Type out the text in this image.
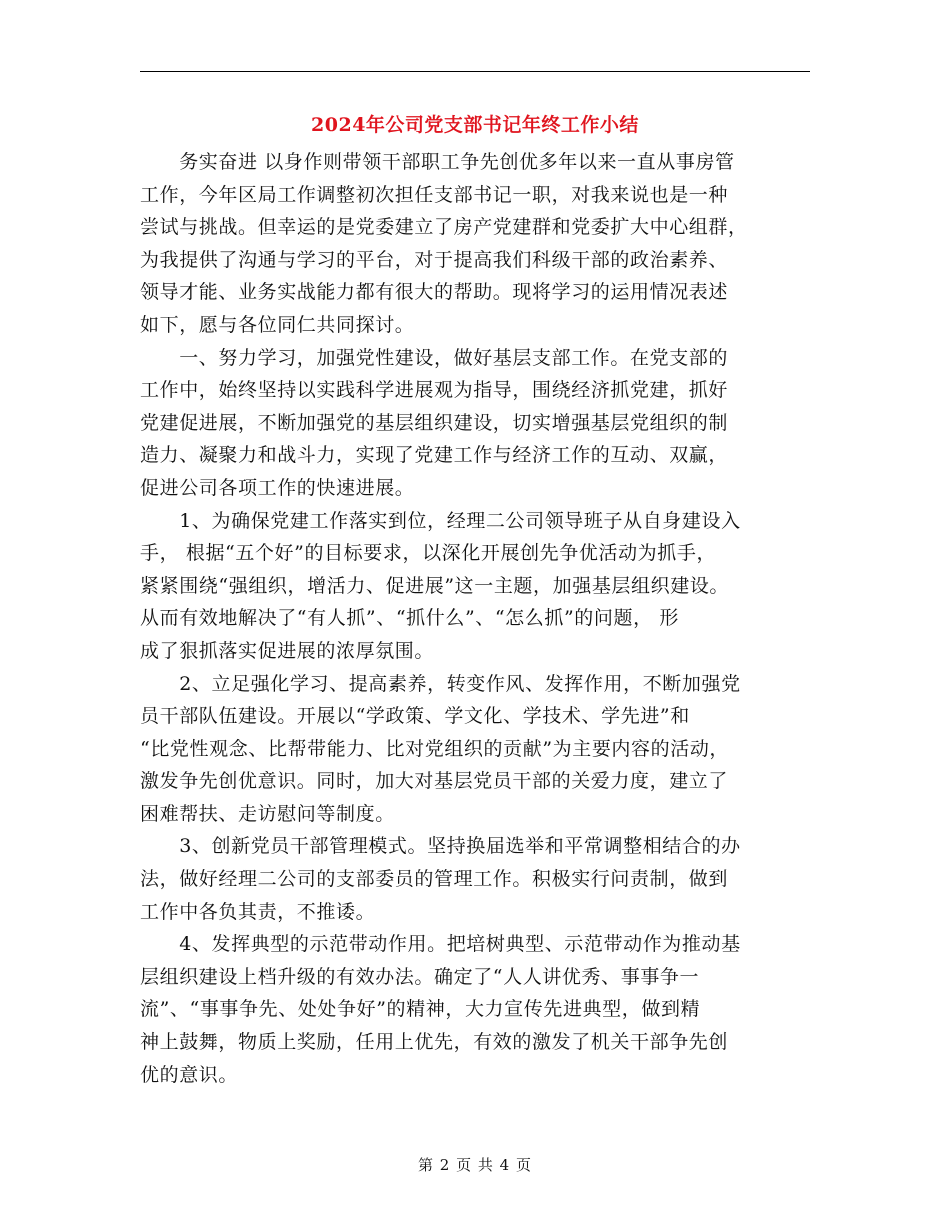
2024年公司党支部书记年终工作小结
　　务实奋进 以身作则带领干部职工争先创优多年以来一直从事房管
工作，今年区局工作调整初次担任支部书记一职，对我来说也是一种
尝试与挑战。但幸运的是党委建立了房产党建群和党委扩大中心组群，
为我提供了沟通与学习的平台，对于提高我们科级干部的政治素养、
领导才能、业务实战能力都有很大的帮助。现将学习的运用情况表述
如下，愿与各位同仁共同探讨。
　　一、努力学习，加强党性建设，做好基层支部工作。在党支部的
工作中，始终坚持以实践科学进展观为指导，围绕经济抓党建，抓好
党建促进展，不断加强党的基层组织建设，切实增强基层党组织的制
造力、凝聚力和战斗力，实现了党建工作与经济工作的互动、双赢，
促进公司各项工作的快速进展。
　　1、为确保党建工作落实到位，经理二公司领导班子从自身建设入
手， 根据“五个好”的目标要求，以深化开展创先争优活动为抓手，
紧紧围绕“强组织，增活力、促进展”这一主题，加强基层组织建设。
从而有效地解决了“有人抓”、“抓什么”、“怎么抓”的问题， 形
成了狠抓落实促进展的浓厚氛围。
　　2、立足强化学习、提高素养，转变作风、发挥作用，不断加强党
员干部队伍建设。开展以“学政策、学文化、学技术、学先进”和
“比党性观念、比帮带能力、比对党组织的贡献”为主要内容的活动，
激发争先创优意识。同时，加大对基层党员干部的关爱力度，建立了
困难帮扶、走访慰问等制度。
　　3、创新党员干部管理模式。坚持换届选举和平常调整相结合的办
法，做好经理二公司的支部委员的管理工作。积极实行问责制，做到
工作中各负其责，不推诿。
　　4、发挥典型的示范带动作用。把培树典型、示范带动作为推动基
层组织建设上档升级的有效办法。确定了“人人讲优秀、事事争一
流”、“事事争先、处处争好”的精神，大力宣传先进典型，做到精
神上鼓舞，物质上奖励，任用上优先，有效的激发了机关干部争先创
优的意识。
第 2 页 共 4 页
